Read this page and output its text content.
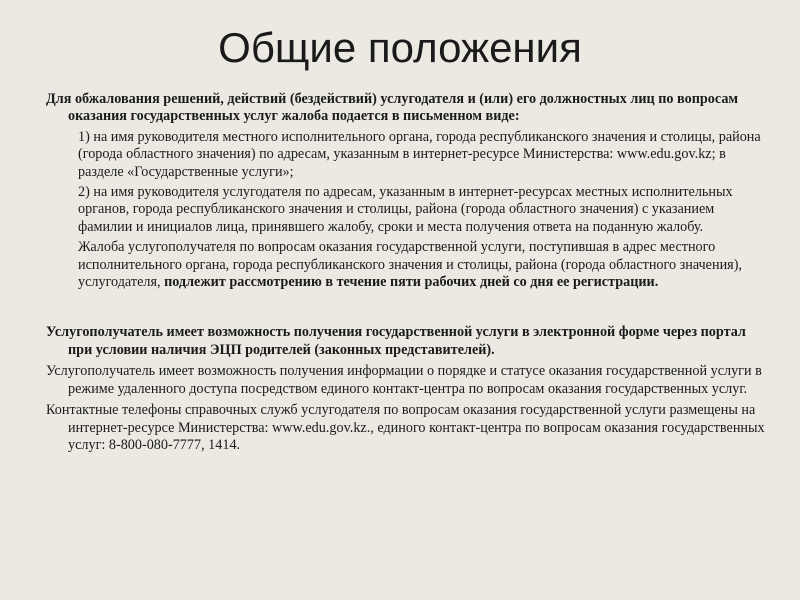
Общие положения

Для обжалования решений, действий (бездействий) услугодателя и (или) его должностных лиц по вопросам оказания государственных услуг жалоба подается в письменном виде:

1) на имя руководителя местного исполнительного органа, города республиканского значения и столицы, района (города областного значения) по адресам, указанным в интернет-ресурсе Министерства: www.edu.gov.kz; в разделе «Государственные услуги»;

2) на имя руководителя услугодателя по адресам, указанным в интернет-ресурсах местных исполнительных органов, города республиканского значения и столицы, района (города областного значения) с указанием фамилии и инициалов лица, принявшего жалобу, сроки и места получения ответа на поданную жалобу.

Жалоба услугополучателя по вопросам оказания государственной услуги, поступившая в адрес местного исполнительного органа, города республиканского значения и столицы, района (города областного значения), услугодателя, подлежит рассмотрению в течение пяти рабочих дней со дня ее регистрации.

Услугополучатель имеет возможность получения государственной услуги в электронной форме через портал при условии наличия ЭЦП родителей (законных представителей).

Услугополучатель имеет возможность получения информации о порядке и статусе оказания государственной услуги в режиме удаленного доступа посредством единого контакт-центра по вопросам оказания государственных услуг.

Контактные телефоны справочных служб услугодателя по вопросам оказания государственной услуги размещены на интернет-ресурсе Министерства: www.edu.gov.kz., единого контакт-центра по вопросам оказания государственных услуг: 8-800-080-7777, 1414.
